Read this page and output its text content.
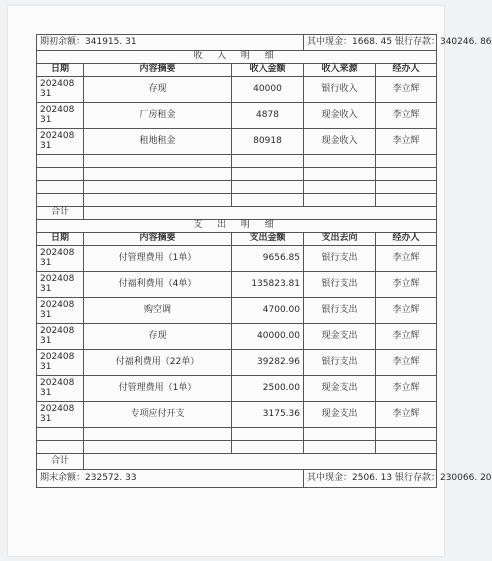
期初余额：341915. 31			其中现金：1668. 45 银行存款：340246. 86	
收 入 明 细				
日期	内容摘要	收入金额	收入来源	经办人
20240831	存现	40000	银行收入	李立辉
20240831	厂房租金	4878	现金收入	李立辉
20240831	租地租金	80918	现金收入	李立辉

合计				
支 出 明 细				
日期	内容摘要	支出金额	支出去向	经办人
20240831	付管理费用（1单）	9656.85	银行支出	李立辉
20240831	付福利费用（4单）	135823.81	银行支出	李立辉
20240831	购空调	4700.00	银行支出	李立辉
20240831	存现	40000.00	现金支出	李立辉
20240831	付福利费用（22单）	39282.96	银行支出	李立辉
20240831	付管理费用（1单）	2500.00	现金支出	李立辉
20240831	专项应付开支	3175.36	现金支出	李立辉

合计				
期末余额：232572. 33			其中现金：2506. 13 银行存款：230066. 20	
